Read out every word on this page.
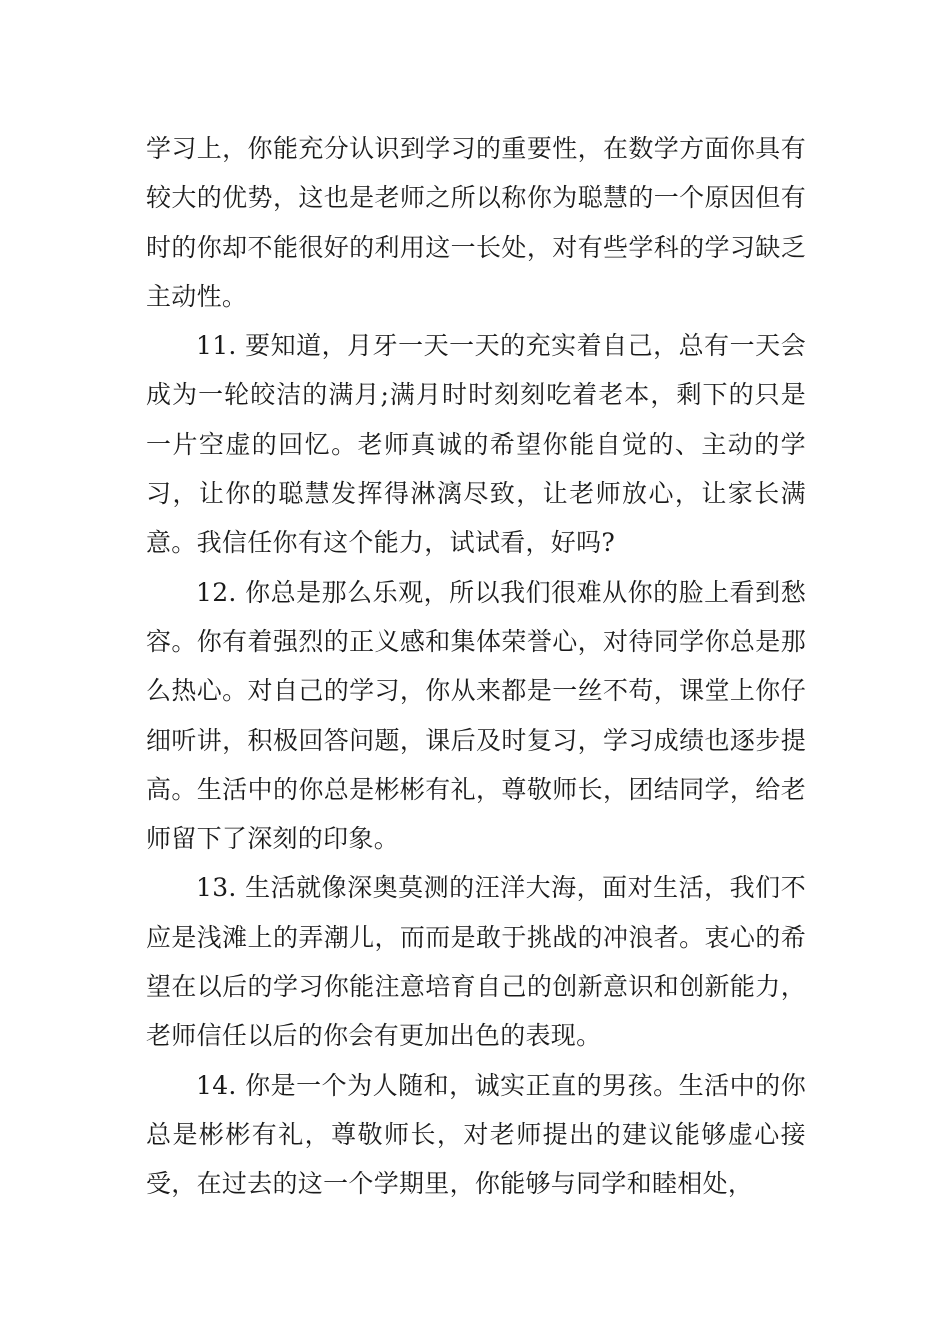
学习上，你能充分认识到学习的重要性，在数学方面你具有较大的优势，这也是老师之所以称你为聪慧的一个原因但有时的你却不能很好的利用这一长处，对有些学科的学习缺乏主动性。

11. 要知道，月牙一天一天的充实着自己，总有一天会成为一轮皎洁的满月;满月时时刻刻吃着老本，剩下的只是一片空虚的回忆。老师真诚的希望你能自觉的、主动的学习，让你的聪慧发挥得淋漓尽致，让老师放心，让家长满意。我信任你有这个能力，试试看，好吗?

12. 你总是那么乐观，所以我们很难从你的脸上看到愁容。你有着强烈的正义感和集体荣誉心，对待同学你总是那么热心。对自己的学习，你从来都是一丝不苟，课堂上你仔细听讲，积极回答问题，课后及时复习，学习成绩也逐步提高。生活中的你总是彬彬有礼，尊敬师长，团结同学，给老师留下了深刻的印象。

13. 生活就像深奥莫测的汪洋大海，面对生活，我们不应是浅滩上的弄潮儿，而而是敢于挑战的冲浪者。衷心的希望在以后的学习你能注意培育自己的创新意识和创新能力，老师信任以后的你会有更加出色的表现。

14. 你是一个为人随和，诚实正直的男孩。生活中的你总是彬彬有礼，尊敬师长，对老师提出的建议能够虚心接受，在过去的这一个学期里，你能够与同学和睦相处，
